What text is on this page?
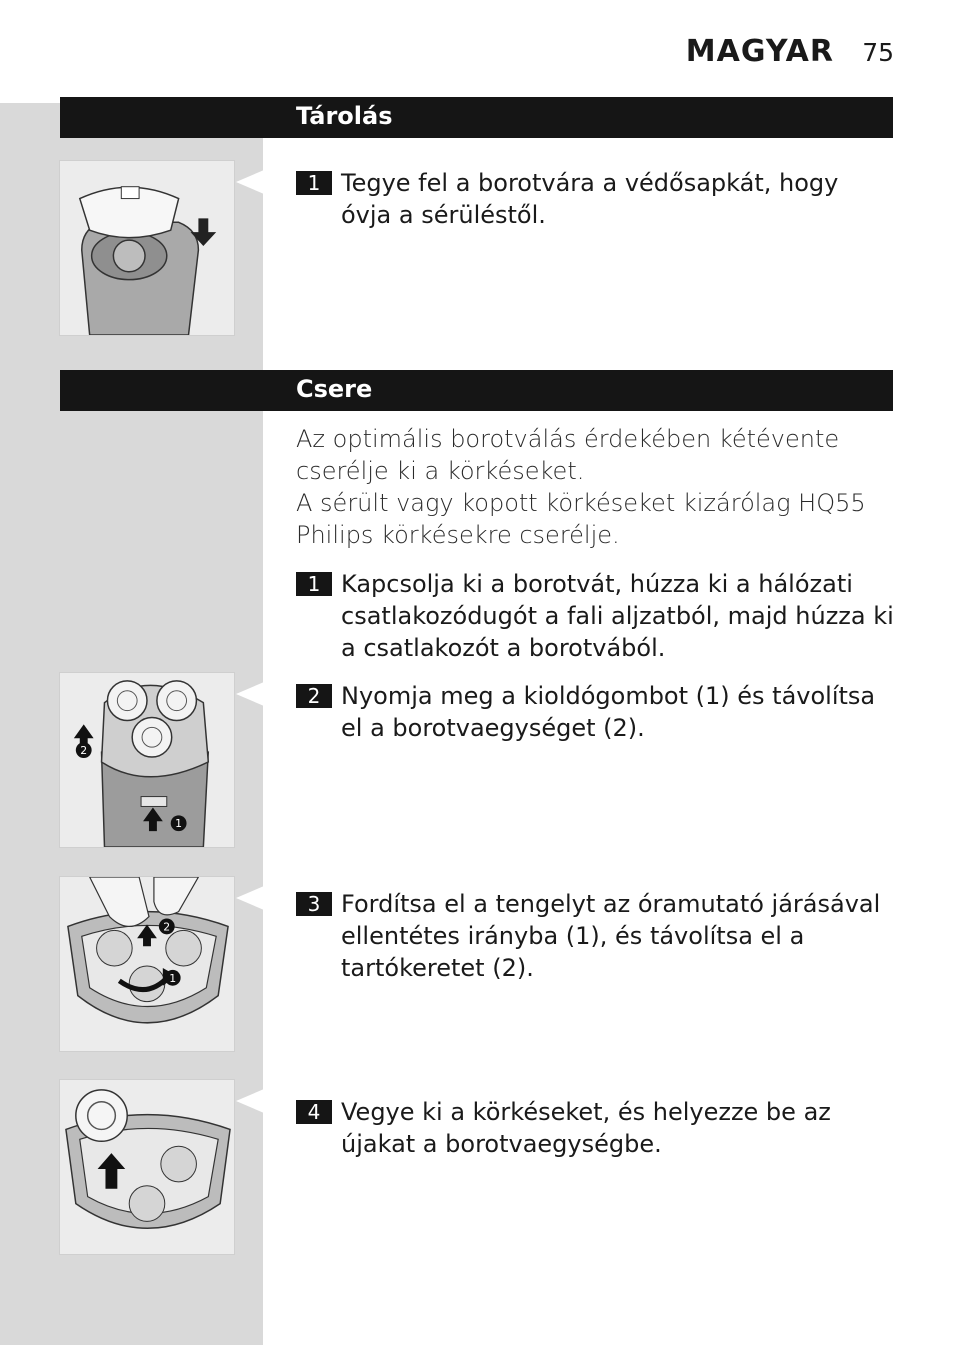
MAGYAR 75
Tárolás
1 Tegye fel a borotvára a védősapkát, hogy óvja a sérüléstől.
Csere

Az optimális borotválás érdekében kétévente cserélje ki a körkéseket.

A sérült vagy kopott körkéseket kizárólag HQ55 Philips körkésekre cserélje.

1 Kapcsolja ki a borotvát, húzza ki a hálózati csatlakozódugót a fali aljzatból, majd húzza ki a csatlakozót a borotvából.
2
1
2 Nyomja meg a kioldógombot (1) és távolítsa el a borotvaegységet (2).
2
1
3 Fordítsa el a tengelyt az óramutató járásával ellentétes irányba (1), és távolítsa el a tartókeretet (2).
4 Vegye ki a körkéseket, és helyezze be az újakat a borotvaegységbe.
